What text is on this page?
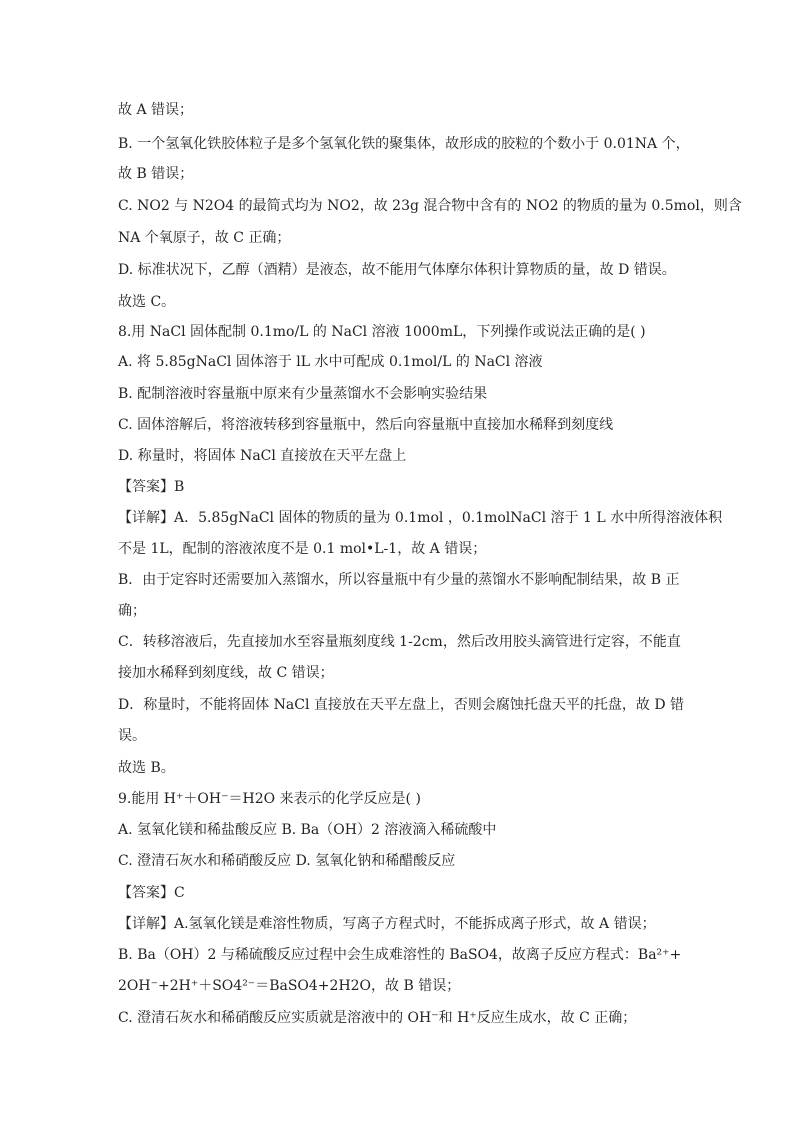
故 A 错误；
B. 一个氢氧化铁胶体粒子是多个氢氧化铁的聚集体，故形成的胶粒的个数小于 0.01NA 个，
故 B 错误；
C. NO2 与 N2O4 的最简式均为 NO2，故 23g 混合物中含有的 NO2 的物质的量为 0.5mol，则含
NA 个氧原子，故 C 正确；
D. 标准状况下，乙醇（酒精）是液态，故不能用气体摩尔体积计算物质的量，故 D 错误。
故选 C。
8.用 NaCl 固体配制 0.1mo/L 的 NaCl 溶液 1000mL，下列操作或说法正确的是( )
A. 将 5.85gNaCl 固体溶于 lL 水中可配成 0.1mol/L 的 NaCl 溶液
B. 配制溶液时容量瓶中原来有少量蒸馏水不会影响实验结果
C. 固体溶解后，将溶液转移到容量瓶中，然后向容量瓶中直接加水稀释到刻度线
D. 称量时，将固体 NaCl 直接放在天平左盘上
【答案】B
【详解】A．5.85gNaCl 固体的物质的量为 0.1mol ，0.1molNaCl 溶于 1 L 水中所得溶液体积
不是 1L，配制的溶液浓度不是 0.1 mol•L-1，故 A 错误；
B．由于定容时还需要加入蒸馏水，所以容量瓶中有少量的蒸馏水不影响配制结果，故 B 正
确；
C．转移溶液后，先直接加水至容量瓶刻度线 1-2cm，然后改用胶头滴管进行定容，不能直
接加水稀释到刻度线，故 C 错误；
D．称量时，不能将固体 NaCl 直接放在天平左盘上，否则会腐蚀托盘天平的托盘，故 D 错
误。
故选 B。
9.能用 H⁺＋OH⁻＝H2O 来表示的化学反应是( )
A. 氢氧化镁和稀盐酸反应 B. Ba（OH）2 溶液滴入稀硫酸中
C. 澄清石灰水和稀硝酸反应 D. 氢氧化钠和稀醋酸反应
【答案】C
【详解】A.氢氧化镁是难溶性物质，写离子方程式时，不能拆成离子形式，故 A 错误；
B. Ba（OH）2 与稀硫酸反应过程中会生成难溶性的 BaSO4，故离子反应方程式：Ba²⁺+
2OH⁻+2H⁺＋SO4²⁻＝BaSO4+2H2O，故 B 错误；
C. 澄清石灰水和稀硝酸反应实质就是溶液中的 OH⁻和 H⁺反应生成水，故 C 正确；
